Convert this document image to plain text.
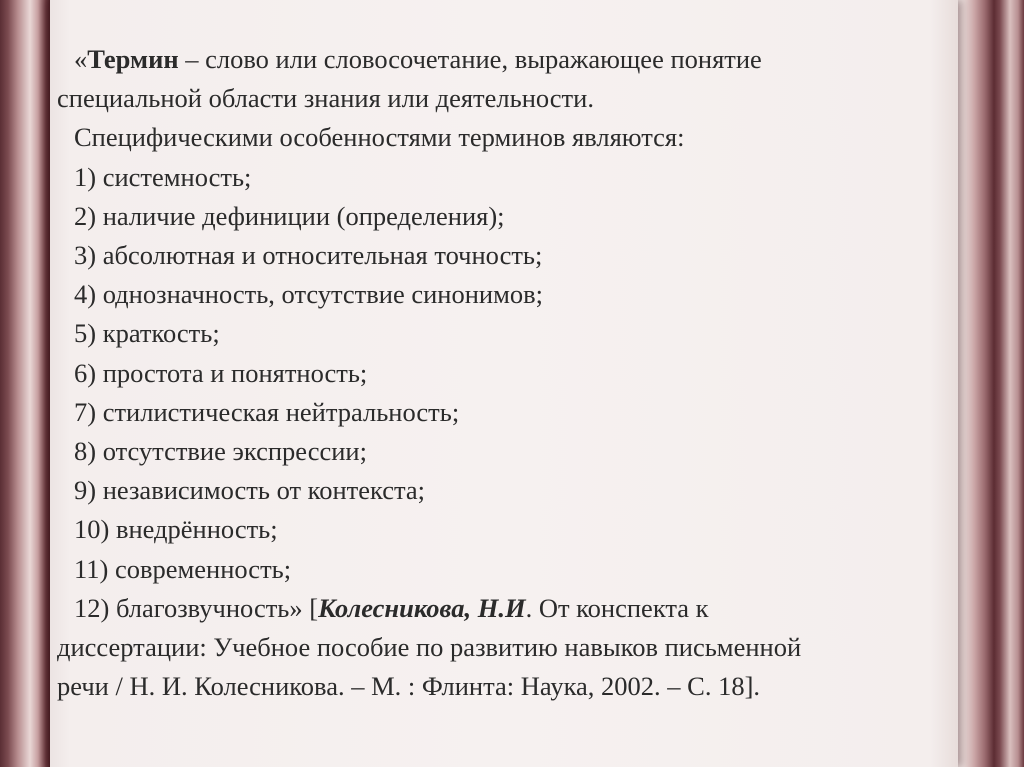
«Термин – слово или словосочетание, выражающее понятие
специальной области знания или деятельности.
Специфическими особенностями терминов являются:
1) системность;
2) наличие дефиниции (определения);
3) абсолютная и относительная точность;
4) однозначность, отсутствие синонимов;
5) краткость;
6) простота и понятность;
7) стилистическая нейтральность;
8) отсутствие экспрессии;
9) независимость от контекста;
10) внедрённость;
11) современность;
12) благозвучность» [Колесникова, Н.И. От конспекта к
диссертации: Учебное пособие по развитию навыков письменной
речи / Н. И. Колесникова. – М. : Флинта: Наука, 2002. – С. 18].
